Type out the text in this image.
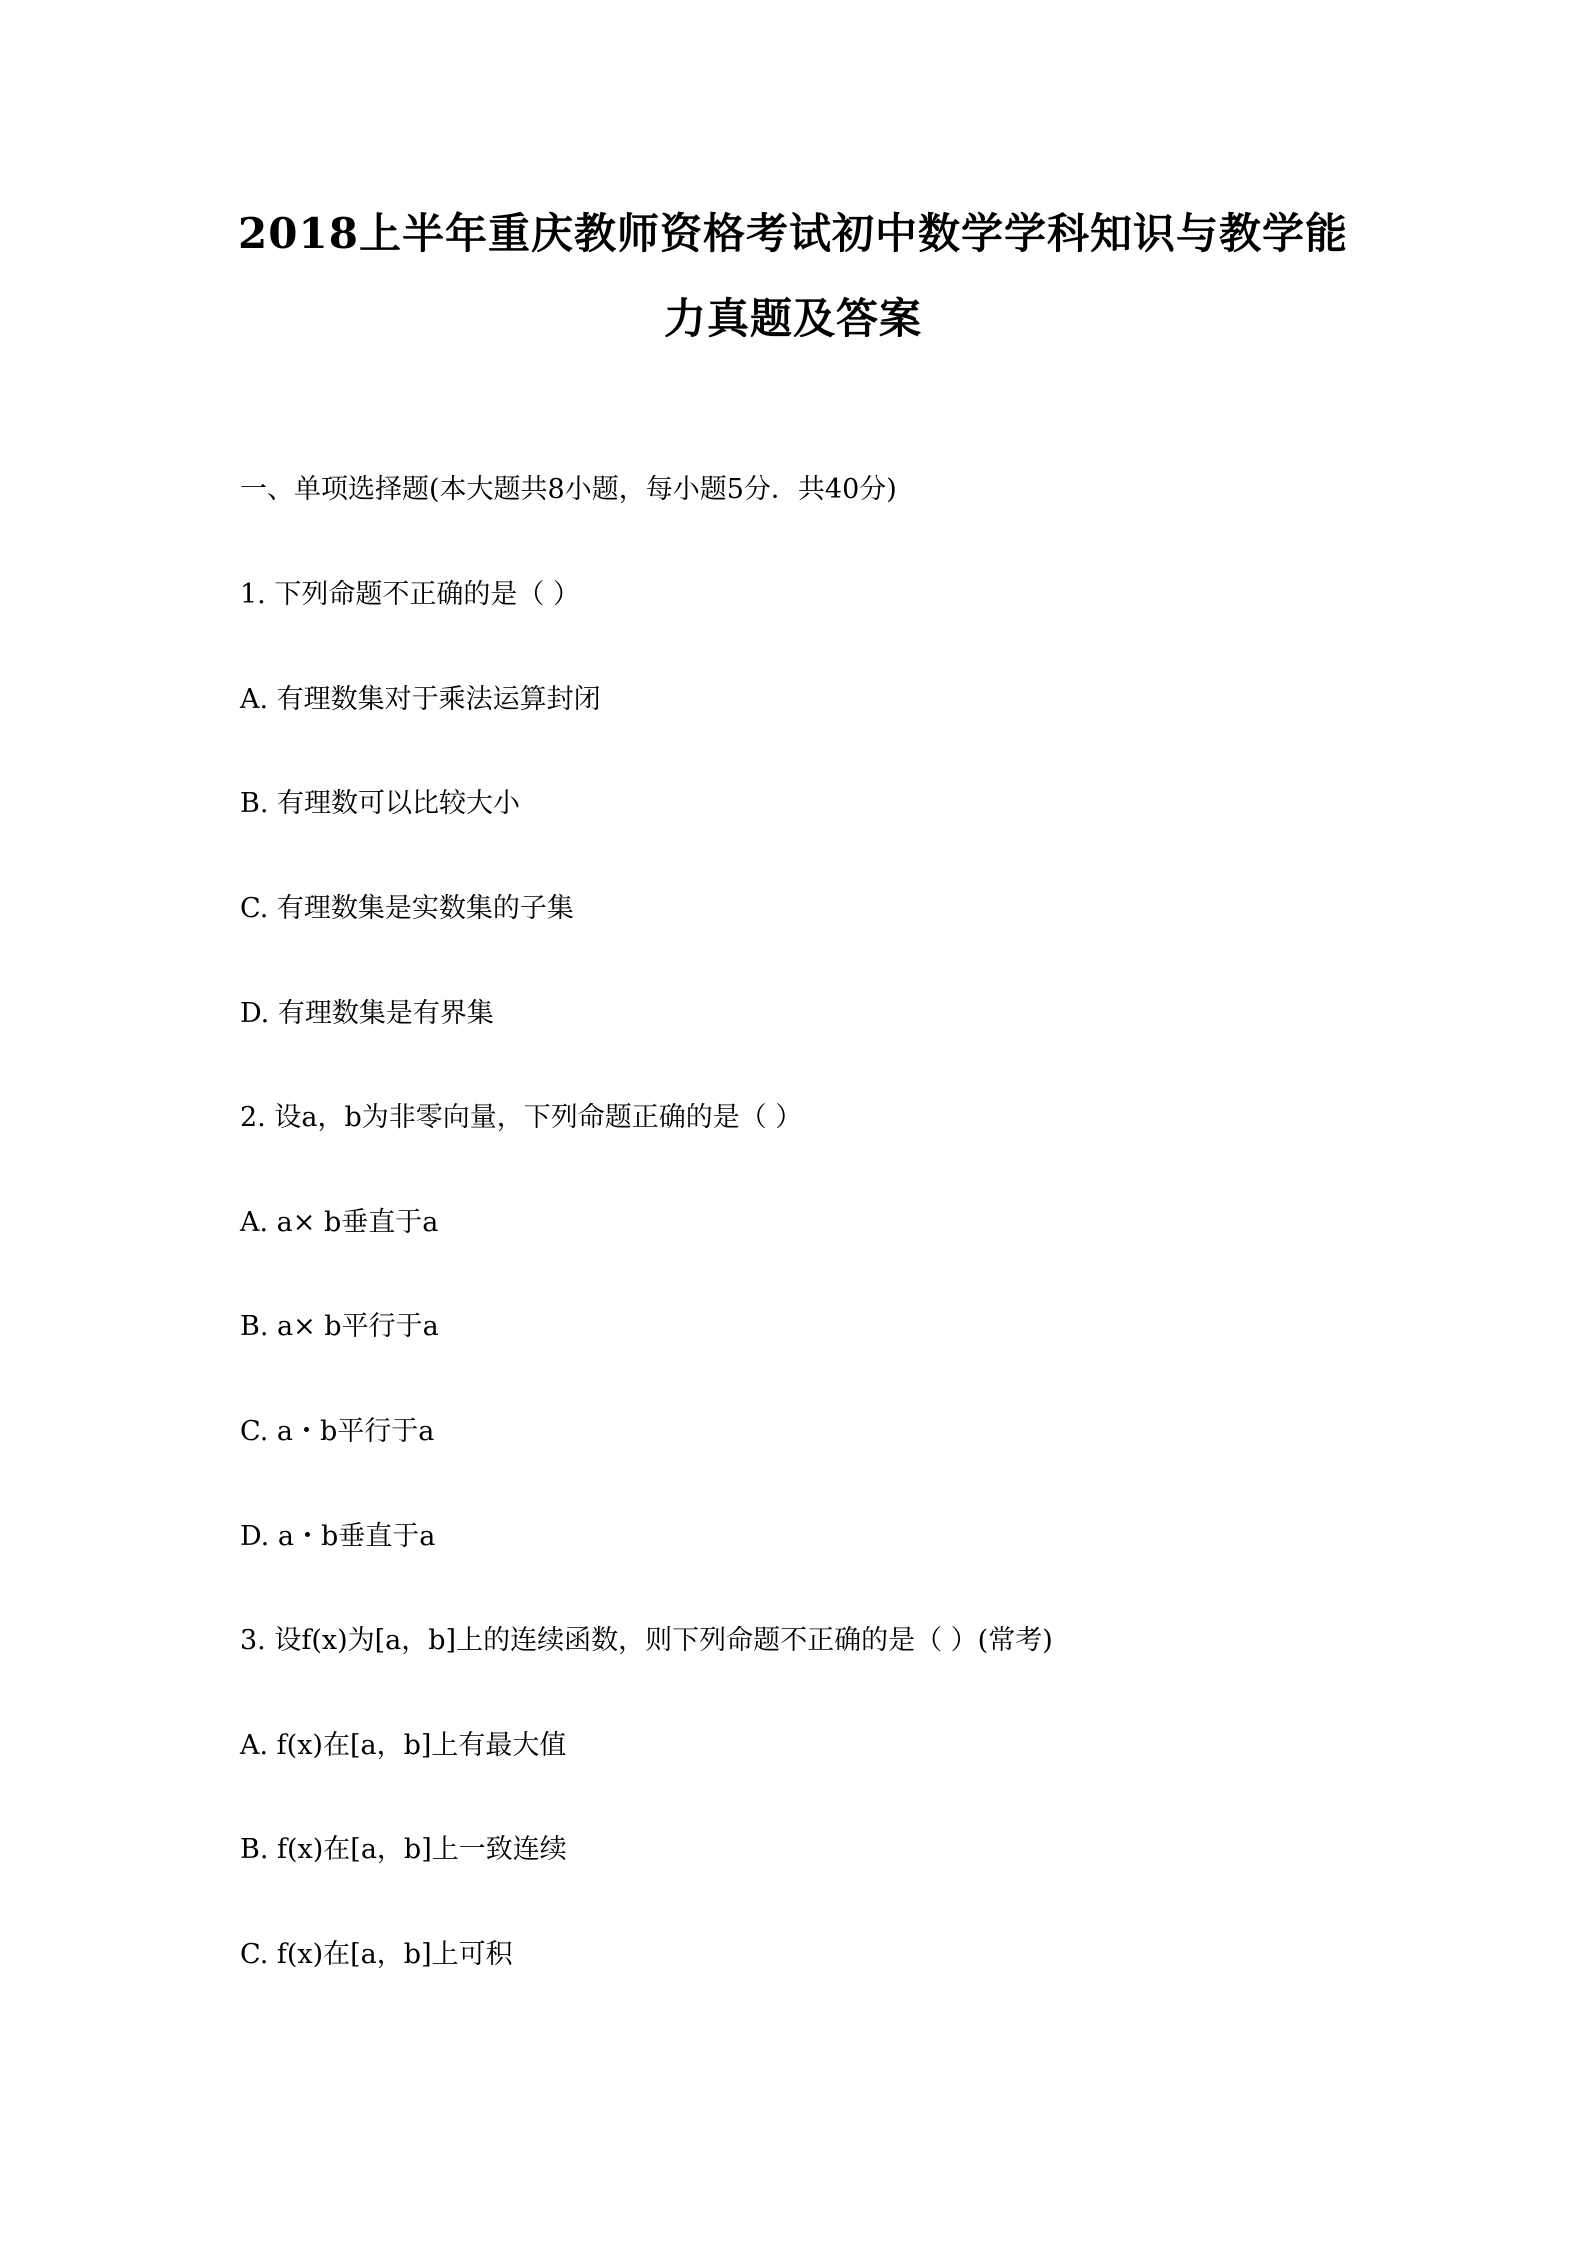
2018上半年重庆教师资格考试初中数学学科知识与教学能
力真题及答案
一、单项选择题(本大题共8小题，每小题5分．共40分)
1. 下列命题不正确的是（ ）
A. 有理数集对于乘法运算封闭
B. 有理数可以比较大小
C. 有理数集是实数集的子集
D. 有理数集是有界集
2. 设a，b为非零向量，下列命题正确的是（ ）
A. a× b垂直于a
B. a× b平行于a
C. a・b平行于a
D. a・b垂直于a
3. 设f(x)为[a，b]上的连续函数，则下列命题不正确的是（ ）(常考)
A. f(x)在[a，b]上有最大值
B. f(x)在[a，b]上一致连续
C. f(x)在[a，b]上可积
